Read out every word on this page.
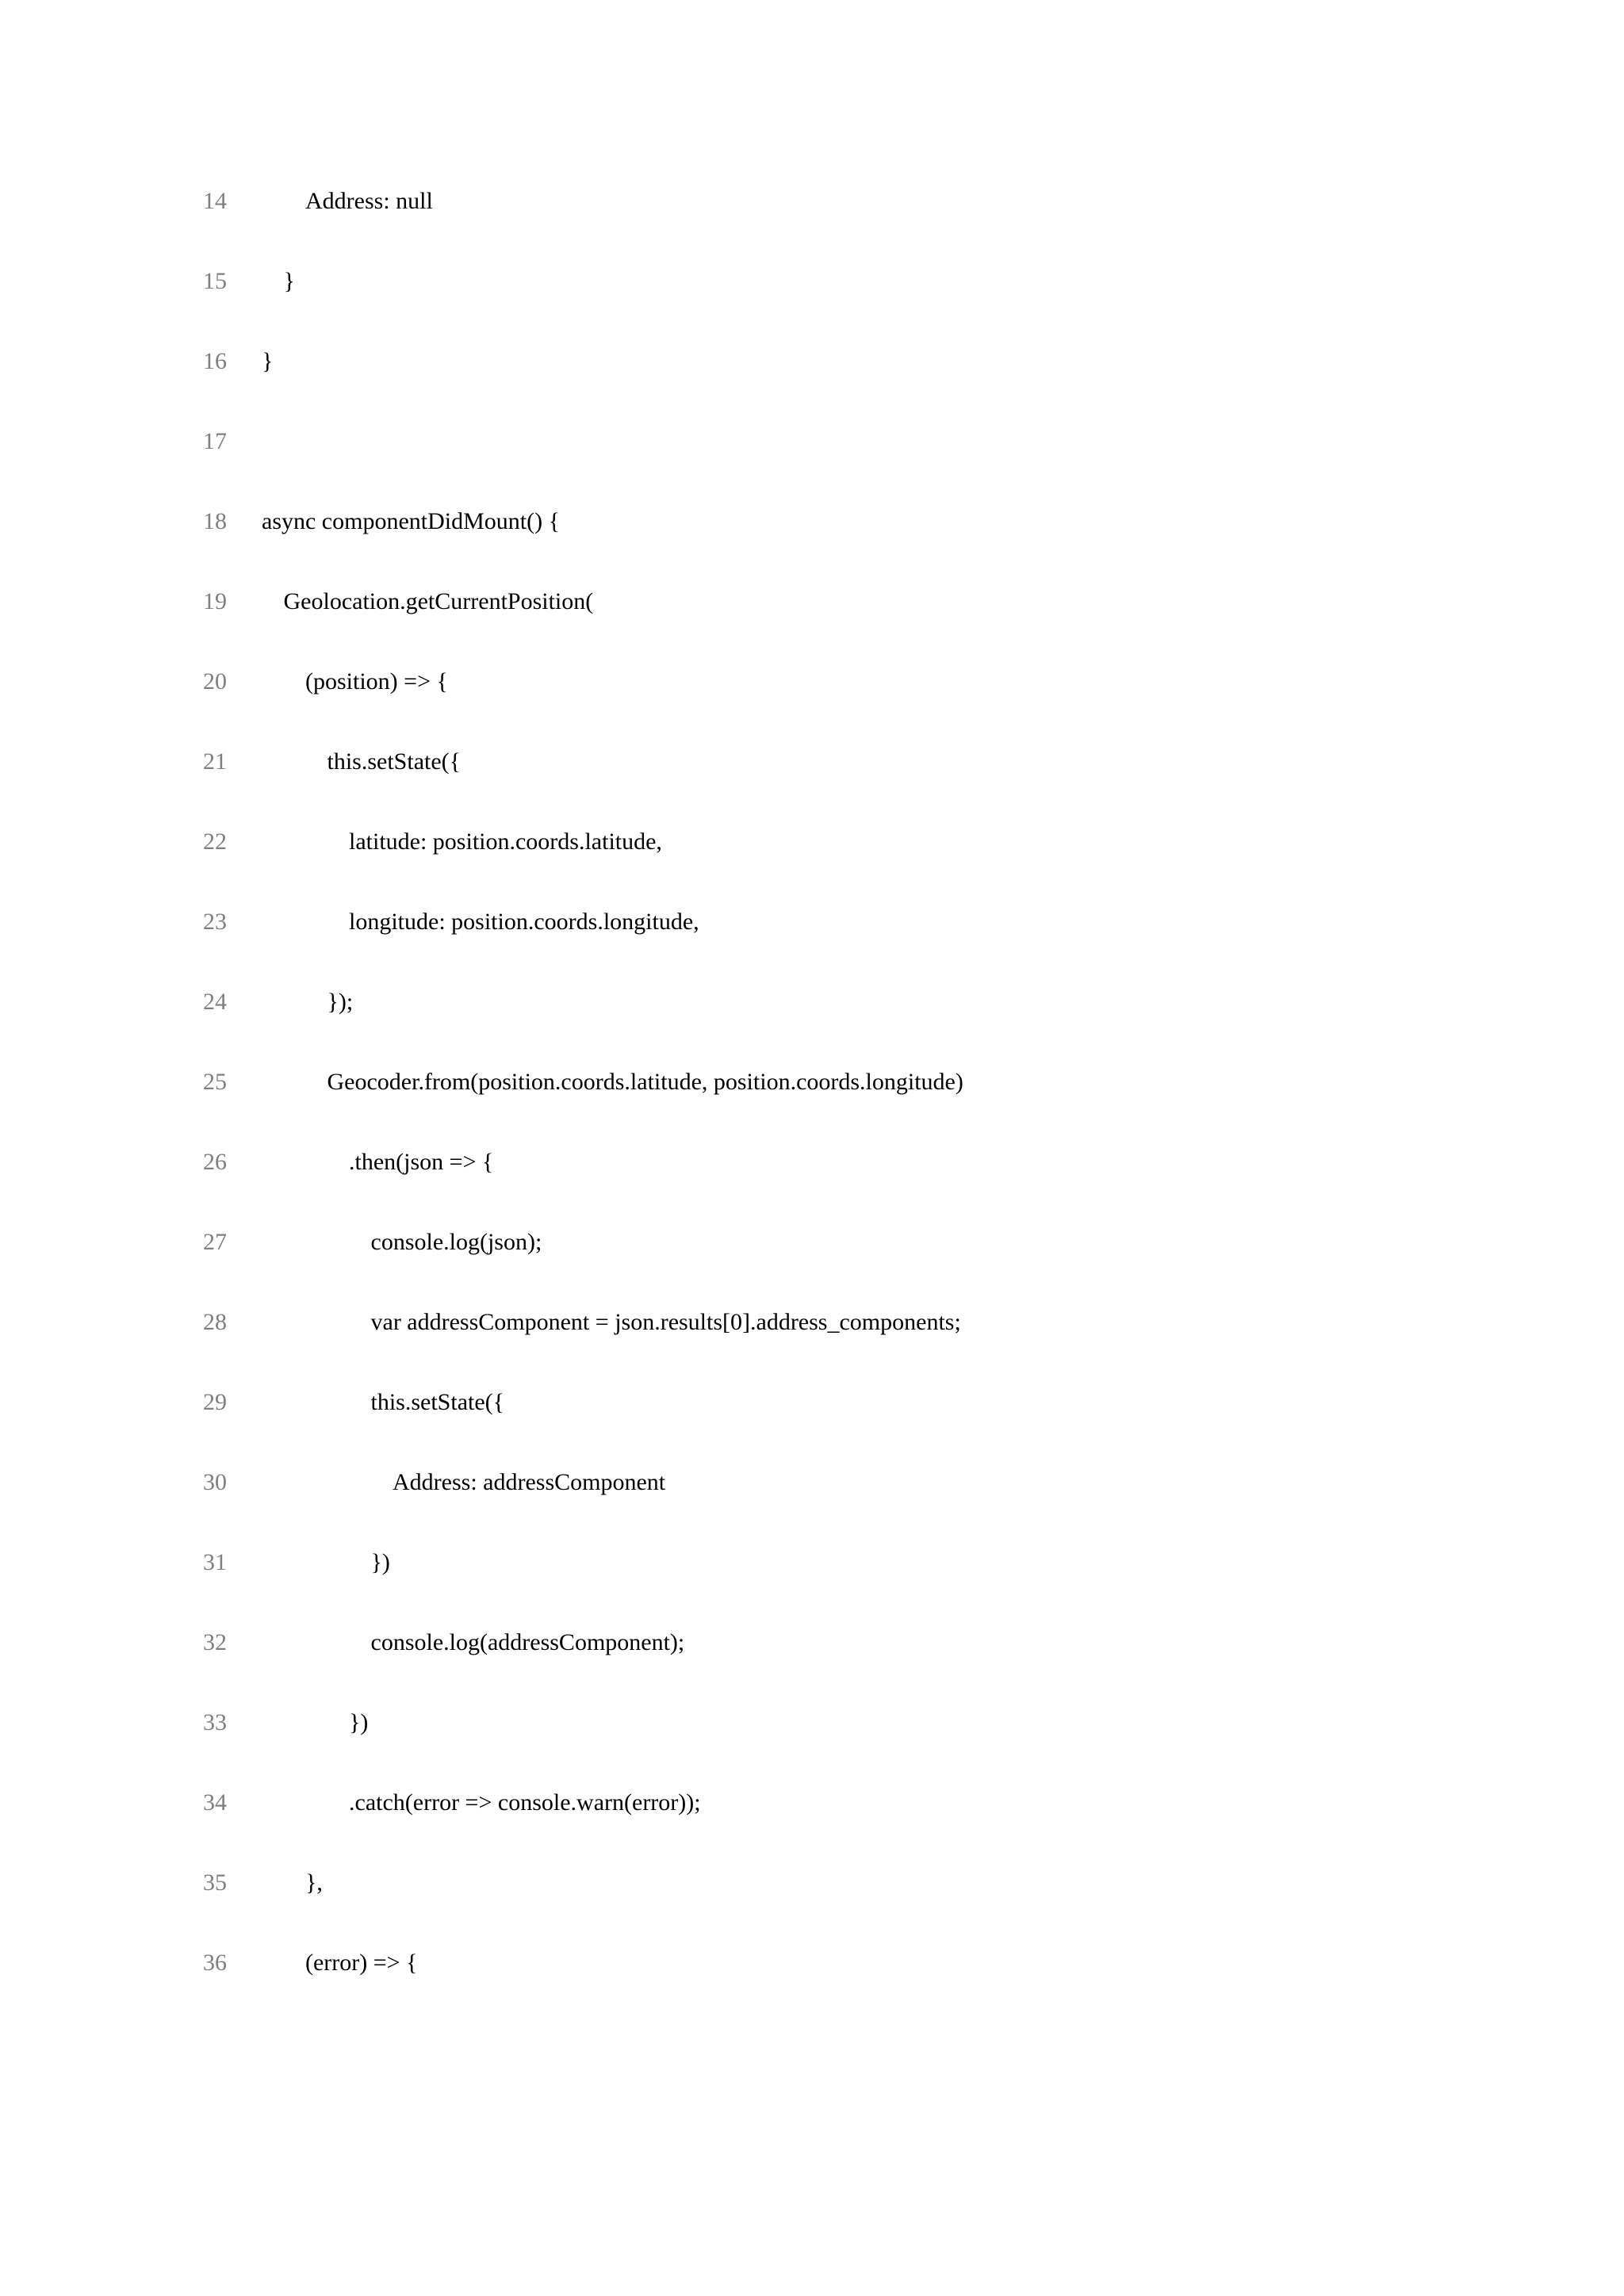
14	Address: null
15	}
16	}
17
18	async componentDidMount() {
19	Geolocation.getCurrentPosition(
20	(position) => {
21	this.setState({
22	latitude: position.coords.latitude,
23	longitude: position.coords.longitude,
24	});
25	Geocoder.from(position.coords.latitude, position.coords.longitude)
26	.then(json => {
27	console.log(json);
28	var addressComponent = json.results[0].address_components;
29	this.setState({
30	Address: addressComponent
31	})
32	console.log(addressComponent);
33	})
34	.catch(error => console.warn(error));
35	},
36	(error) => {
